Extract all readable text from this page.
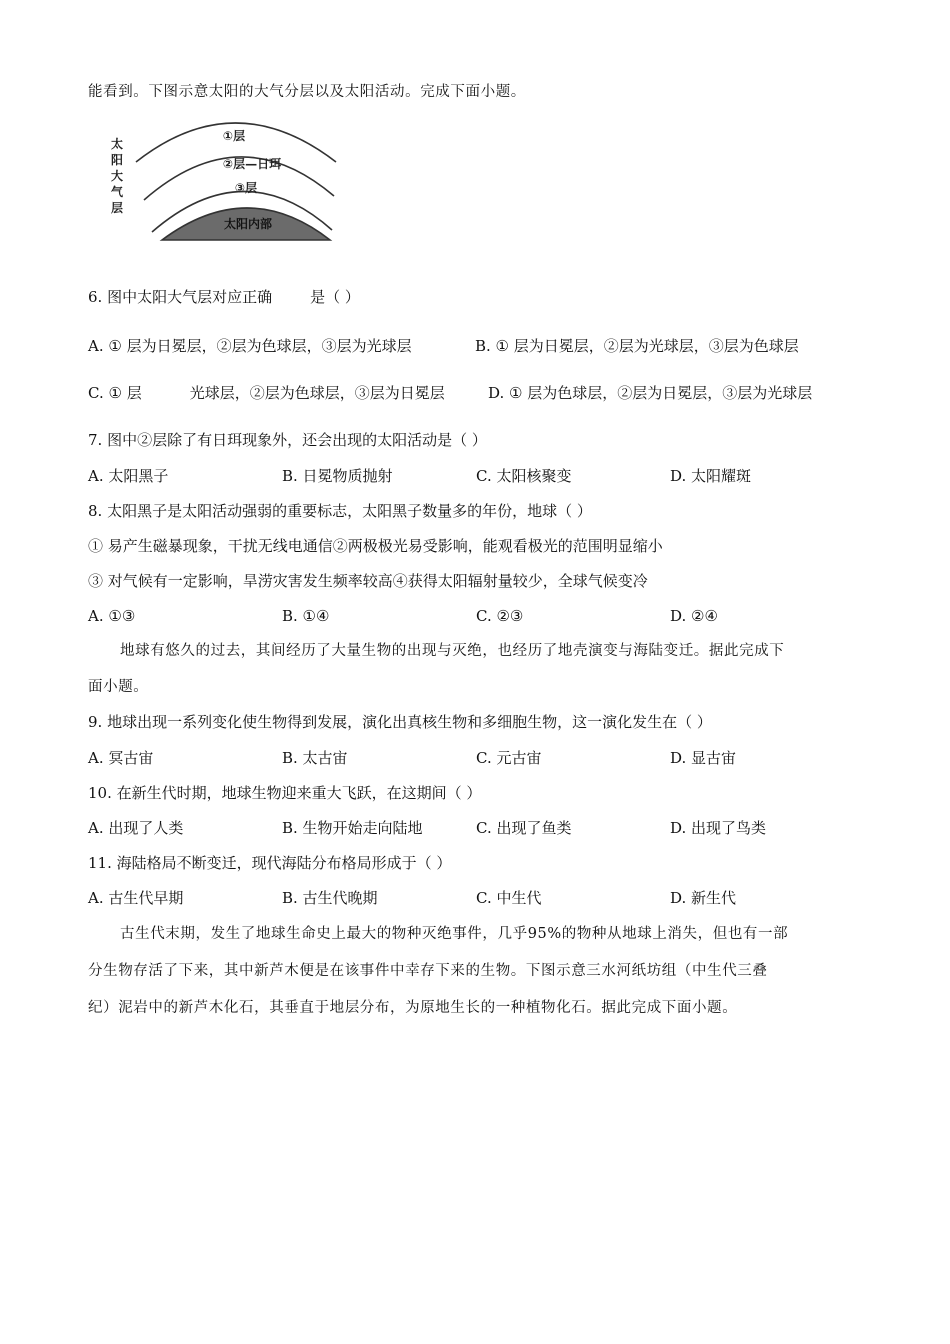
能看到。下图示意太阳的大气分层以及太阳活动。完成下面小题。
太
阳
大
气
层
①层
②层—日珥
③层
太阳内部
6. 图中太阳大气层对应正确	是（ ）
A. ① 层为日冕层，②层为色球层，③层为光球层	B. ① 层为日冕层，②层为光球层，③层为色球层
C. ① 层	光球层，②层为色球层，③层为日冕层	D. ① 层为色球层，②层为日冕层，③层为光球层
7. 图中②层除了有日珥现象外，还会出现的太阳活动是（ ）
A. 太阳黑子	B. 日冕物质抛射	C. 太阳核聚变	D. 太阳耀斑
8. 太阳黑子是太阳活动强弱的重要标志，太阳黑子数量多的年份，地球（ ）
① 易产生磁暴现象，干扰无线电通信②两极极光易受影响，能观看极光的范围明显缩小
③ 对气候有一定影响，旱涝灾害发生频率较高④获得太阳辐射量较少，全球气候变冷
A. ①③	B. ①④	C. ②③	D. ②④
地球有悠久的过去，其间经历了大量生物的出现与灭绝，也经历了地壳演变与海陆变迁。据此完成下
面小题。
9. 地球出现一系列变化使生物得到发展，演化出真核生物和多细胞生物，这一演化发生在（ ）
A. 冥古宙	B. 太古宙	C. 元古宙	D. 显古宙
10. 在新生代时期，地球生物迎来重大飞跃，在这期间（ ）
A. 出现了人类	B. 生物开始走向陆地	C. 出现了鱼类	D. 出现了鸟类
11. 海陆格局不断变迁，现代海陆分布格局形成于（ ）
A. 古生代早期	B. 古生代晚期	C. 中生代	D. 新生代
古生代末期，发生了地球生命史上最大的物种灭绝事件，几乎95%的物种从地球上消失，但也有一部
分生物存活了下来，其中新芦木便是在该事件中幸存下来的生物。下图示意三水河纸坊组（中生代三叠
纪）泥岩中的新芦木化石，其垂直于地层分布，为原地生长的一种植物化石。据此完成下面小题。
